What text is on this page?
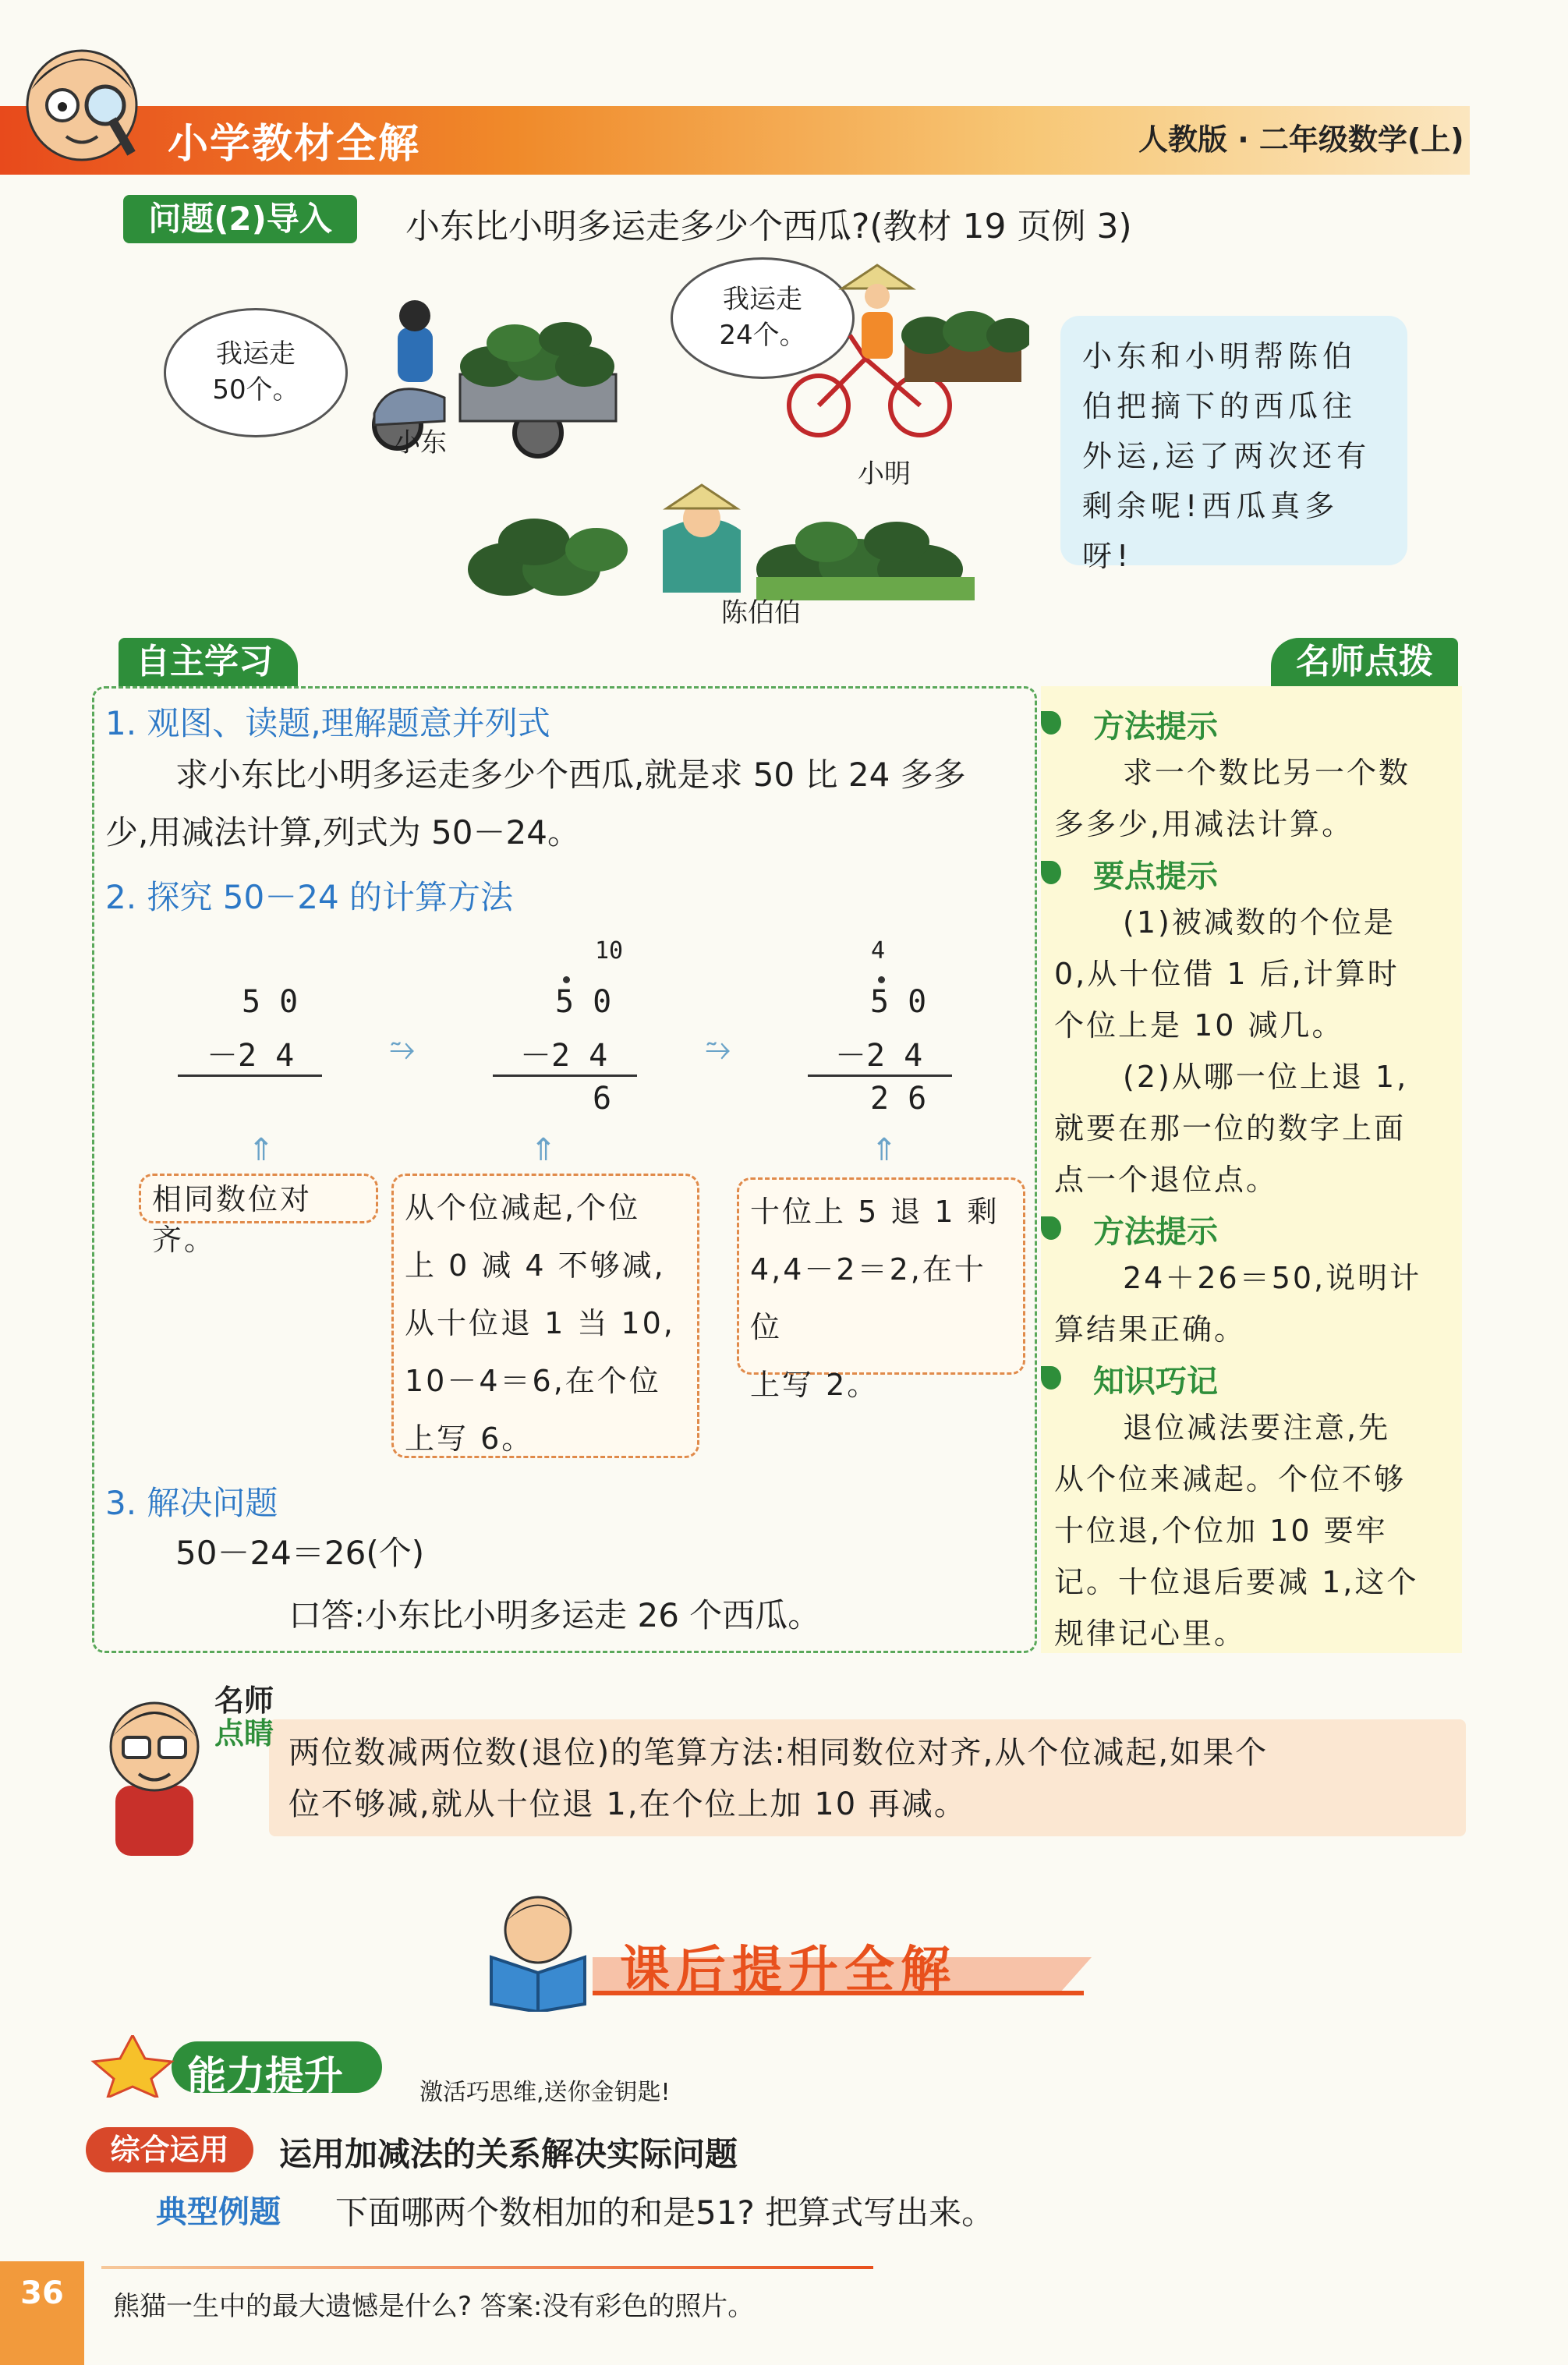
小学教材全解	人教版 · 二年级数学(上)
问题(2)导入	小东比小明多运走多少个西瓜?(教材 19 页例 3)
我运走50个。
我运走24个。
小东
小明
陈伯伯
小东和小明帮陈伯伯把摘下的西瓜往外运,运了两次还有剩余呢!西瓜真多呀!
自主学习	名师点拨
1. 观图、读题,理解题意并列式
求小东比小明多运走多少个西瓜,就是求 50 比 24 多多
少,用减法计算,列式为 50－24。
2. 探究 50－24 的计算方法
5 0
－2 4	⥲
10
5 0
－2 4
6
⥲
4
5 0
－2 4
2 6
⇑	⇑	⇑
相同数位对齐。
从个位减起,个位
上 0 减 4 不够减,
从十位退 1 当 10,
10－4＝6,在个位
上写 6。
十位上 5 退 1 剩
4,4－2＝2,在十位
上写 2。
3. 解决问题
50－24＝26(个)
口答:小东比小明多运走 26 个西瓜。
方法提示
求一个数比另一个数
多多少,用减法计算。
要点提示
(1)被减数的个位是
0,从十位借 1 后,计算时
个位上是 10 减几。
(2)从哪一位上退 1,
就要在那一位的数字上面
点一个退位点。
方法提示
24＋26＝50,说明计
算结果正确。
知识巧记
退位减法要注意,先
从个位来减起。个位不够
十位退,个位加 10 要牢
记。十位退后要减 1,这个
规律记心里。
名师
点睛
两位数减两位数(退位)的笔算方法:相同数位对齐,从个位减起,如果个
位不够减,就从十位退 1,在个位上加 10 再减。
课后提升全解
能力提升	激活巧思维,送你金钥匙!
综合运用	运用加减法的关系解决实际问题
典型例题 下面哪两个数相加的和是51? 把算式写出来。
36	熊猫一生中的最大遗憾是什么? 答案:没有彩色的照片。
